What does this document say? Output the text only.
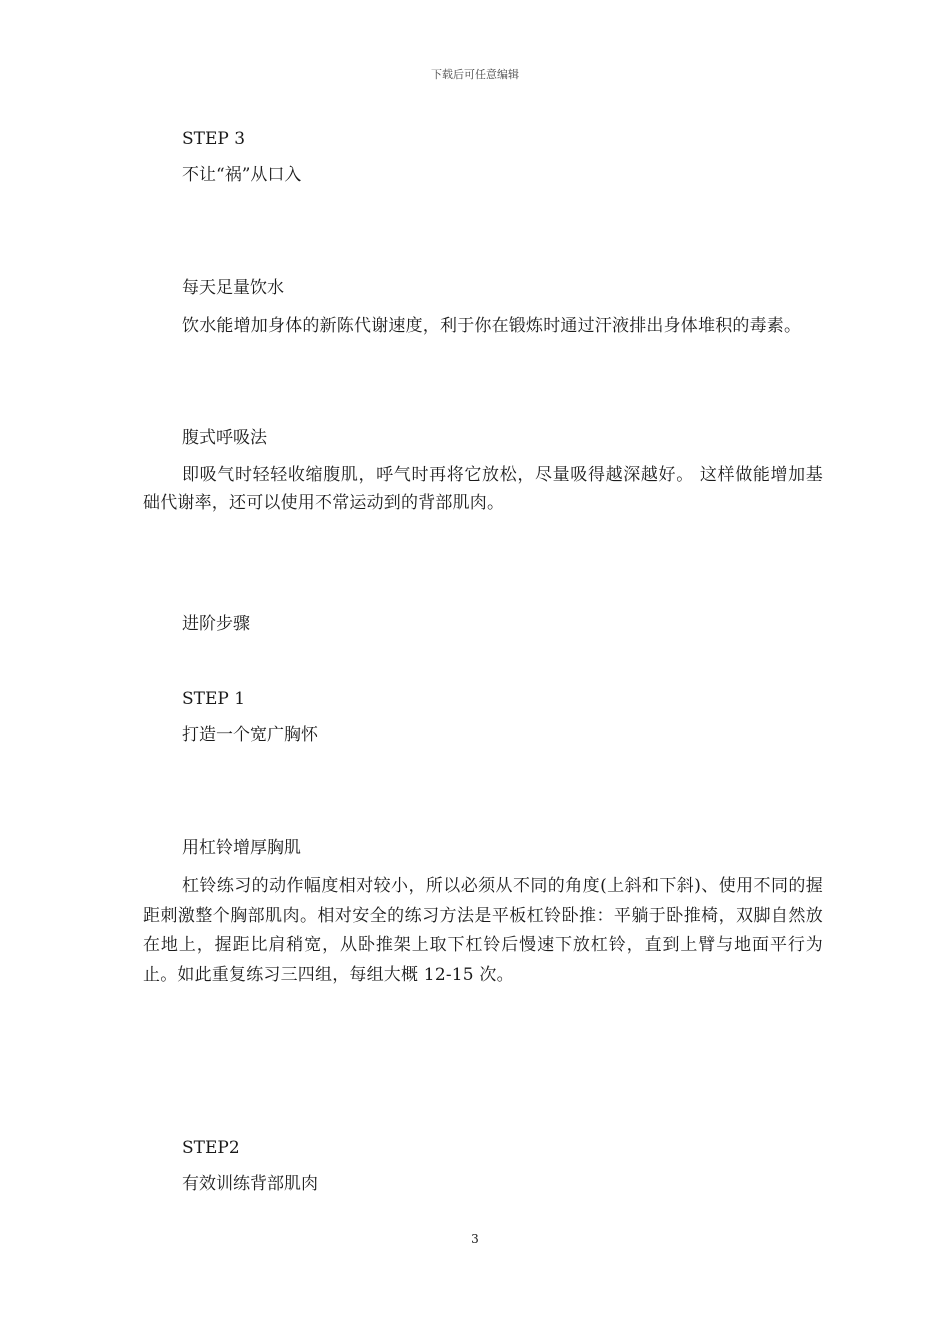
下载后可任意编辑
STEP 3
不让“祸”从口入
每天足量饮水
饮水能增加身体的新陈代谢速度，利于你在锻炼时通过汗液排出身体堆积的毒素。
腹式呼吸法
即吸气时轻轻收缩腹肌，呼气时再将它放松，尽量吸得越深越好。 这样做能增加基础代谢率，还可以使用不常运动到的背部肌肉。
进阶步骤
STEP 1
打造一个宽广胸怀
用杠铃增厚胸肌
杠铃练习的动作幅度相对较小，所以必须从不同的角度(上斜和下斜)、使用不同的握距刺激整个胸部肌肉。相对安全的练习方法是平板杠铃卧推：平躺于卧推椅，双脚自然放在地上，握距比肩稍宽，从卧推架上取下杠铃后慢速下放杠铃，直到上臂与地面平行为止。如此重复练习三四组，每组大概 12-15 次。
STEP2
有效训练背部肌肉
3
